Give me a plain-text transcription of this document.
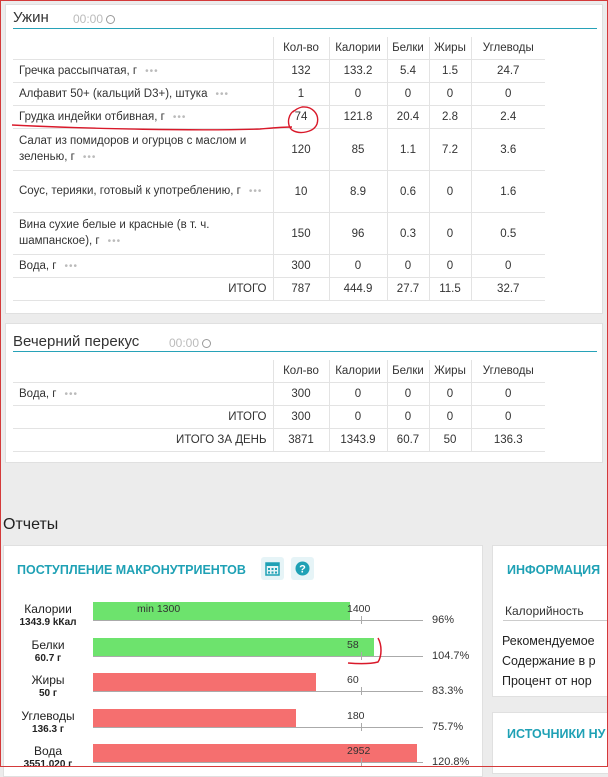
Ужин 00:00
	Кол-во	Калории	Белки	Жиры	Углеводы
Гречка рассыпчатая, г •••	132	133.2	5.4	1.5	24.7
Алфавит 50+ (кальций D3+), штука •••	1	0	0	0	0
Грудка индейки отбивная, г •••	74	121.8	20.4	2.8	2.4
Салат из помидоров и огурцов с маслом и зеленью, г •••	120	85	1.1	7.2	3.6
Соус, терияки, готовый к употреблению, г •••	10	8.9	0.6	0	1.6
Вина сухие белые и красные (в т. ч. шампанское), г •••	150	96	0.3	0	0.5
Вода, г •••	300	0	0	0	0
ИТОГО	787	444.9	27.7	11.5	32.7
Вечерний перекус 00:00
	Кол-во	Калории	Белки	Жиры	Углеводы
Вода, г •••	300	0	0	0	0
ИТОГО	300	0	0	0	0
ИТОГО ЗА ДЕНЬ	3871	1343.9	60.7	50	136.3
Отчеты
ПОСТУПЛЕНИЕ МАКРОНУТРИЕНТОВ	?
Калории
1343.9 kКал
1400
min 1300
96%
Белки
60.7 г
58
104.7%
Жиры
50 г
60
83.3%
Углеводы
136.3 г
180
75.7%
Вода
3551.020 г
2952
120.8%
ИНФОРМАЦИЯ
Калорийность
Рекомендуемое
Содержание в р
Процент от нор
ИСТОЧНИКИ НУ
